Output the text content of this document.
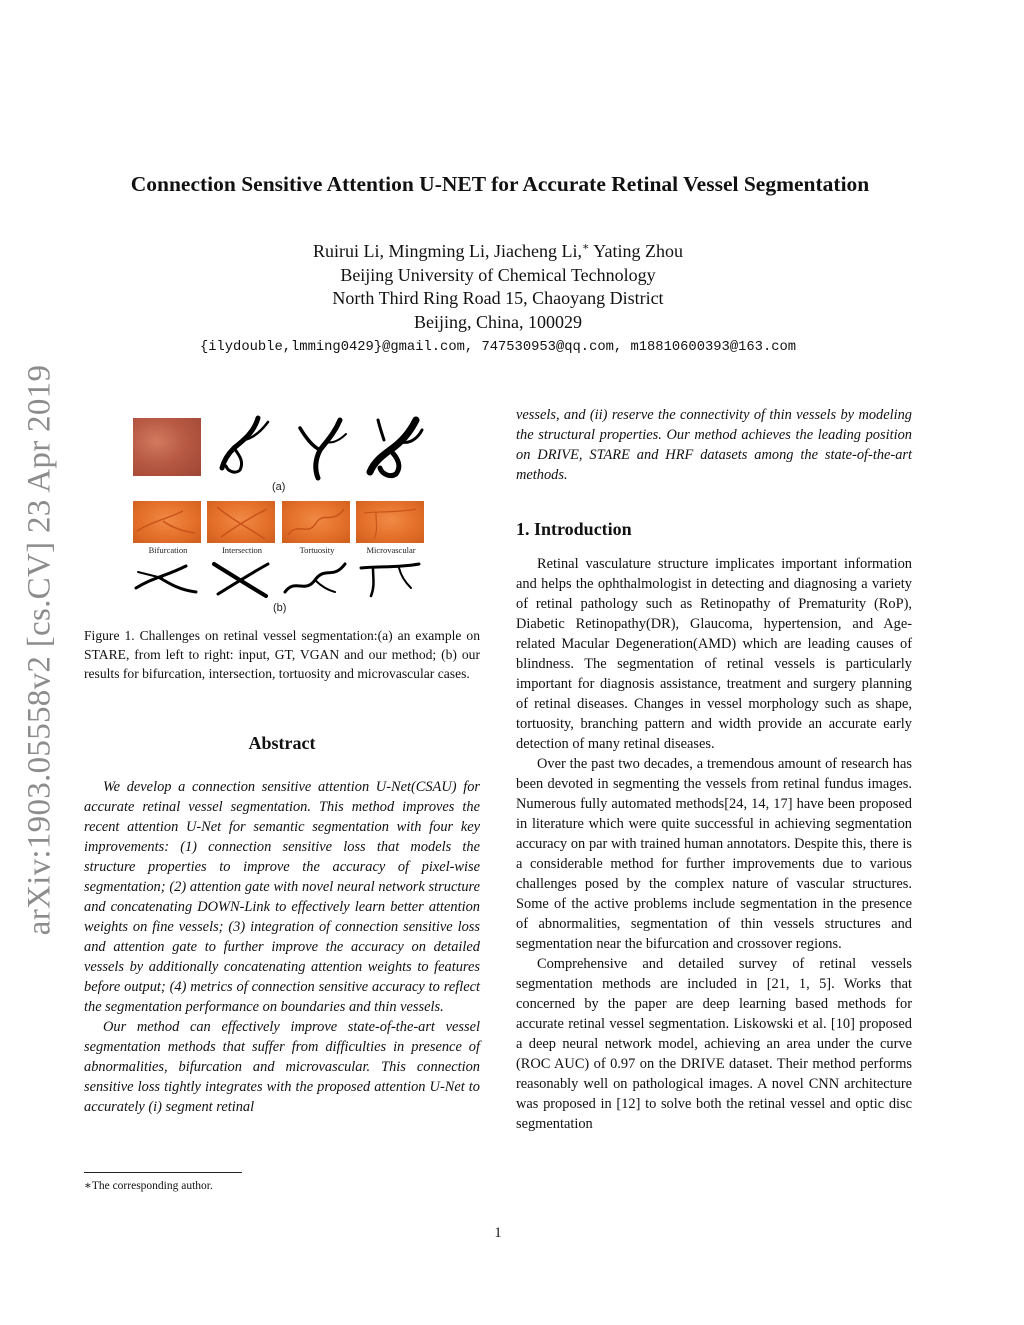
arXiv:1903.05558v2 [cs.CV] 23 Apr 2019
Connection Sensitive Attention U-NET for Accurate Retinal Vessel Segmentation
Ruirui Li, Mingming Li, Jiacheng Li,∗ Yating Zhou
Beijing University of Chemical Technology
North Third Ring Road 15, Chaoyang District
Beijing, China, 100029
{ilydouble,lmming0429}@gmail.com, 747530953@qq.com, m18810600393@163.com
(a)
Bifurcation	Intersection	Tortuosity	Microvascular
(b)
Figure 1. Challenges on retinal vessel segmentation:(a) an example on STARE, from left to right: input, GT, VGAN and our method; (b) our results for bifurcation, intersection, tortuosity and microvascular cases.
Abstract

We develop a connection sensitive attention U-Net(CSAU) for accurate retinal vessel segmentation. This method improves the recent attention U-Net for semantic segmentation with four key improvements: (1) connection sensitive loss that models the structure properties to improve the accuracy of pixel-wise segmentation; (2) attention gate with novel neural network structure and concatenating DOWN-Link to effectively learn better attention weights on fine vessels; (3) integration of connection sensitive loss and attention gate to further improve the accuracy on detailed vessels by additionally concatenating attention weights to features before output; (4) metrics of connection sensitive accuracy to reflect the segmentation performance on boundaries and thin vessels.

Our method can effectively improve state-of-the-art vessel segmentation methods that suffer from difficulties in presence of abnormalities, bifurcation and microvascular. This connection sensitive loss tightly integrates with the proposed attention U-Net to accurately (i) segment retinal

∗The corresponding author.
vessels, and (ii) reserve the connectivity of thin vessels by modeling the structural properties. Our method achieves the leading position on DRIVE, STARE and HRF datasets among the state-of-the-art methods.
1. Introduction

Retinal vasculature structure implicates important information and helps the ophthalmologist in detecting and diagnosing a variety of retinal pathology such as Retinopathy of Prematurity (RoP), Diabetic Retinopathy(DR), Glaucoma, hypertension, and Age-related Macular Degeneration(AMD) which are leading causes of blindness. The segmentation of retinal vessels is particularly important for diagnosis assistance, treatment and surgery planning of retinal diseases. Changes in vessel morphology such as shape, tortuosity, branching pattern and width provide an accurate early detection of many retinal diseases.

Over the past two decades, a tremendous amount of research has been devoted in segmenting the vessels from retinal fundus images. Numerous fully automated methods[24, 14, 17] have been proposed in literature which were quite successful in achieving segmentation accuracy on par with trained human annotators. Despite this, there is a considerable method for further improvements due to various challenges posed by the complex nature of vascular structures. Some of the active problems include segmentation in the presence of abnormalities, segmentation of thin vessels structures and segmentation near the bifurcation and crossover regions.

Comprehensive and detailed survey of retinal vessels segmentation methods are included in [21, 1, 5]. Works that concerned by the paper are deep learning based methods for accurate retinal vessel segmentation. Liskowski et al. [10] proposed a deep neural network model, achieving an area under the curve (ROC AUC) of 0.97 on the DRIVE dataset. Their method performs reasonably well on pathological images. A novel CNN architecture was proposed in [12] to solve both the retinal vessel and optic disc segmentation

1
